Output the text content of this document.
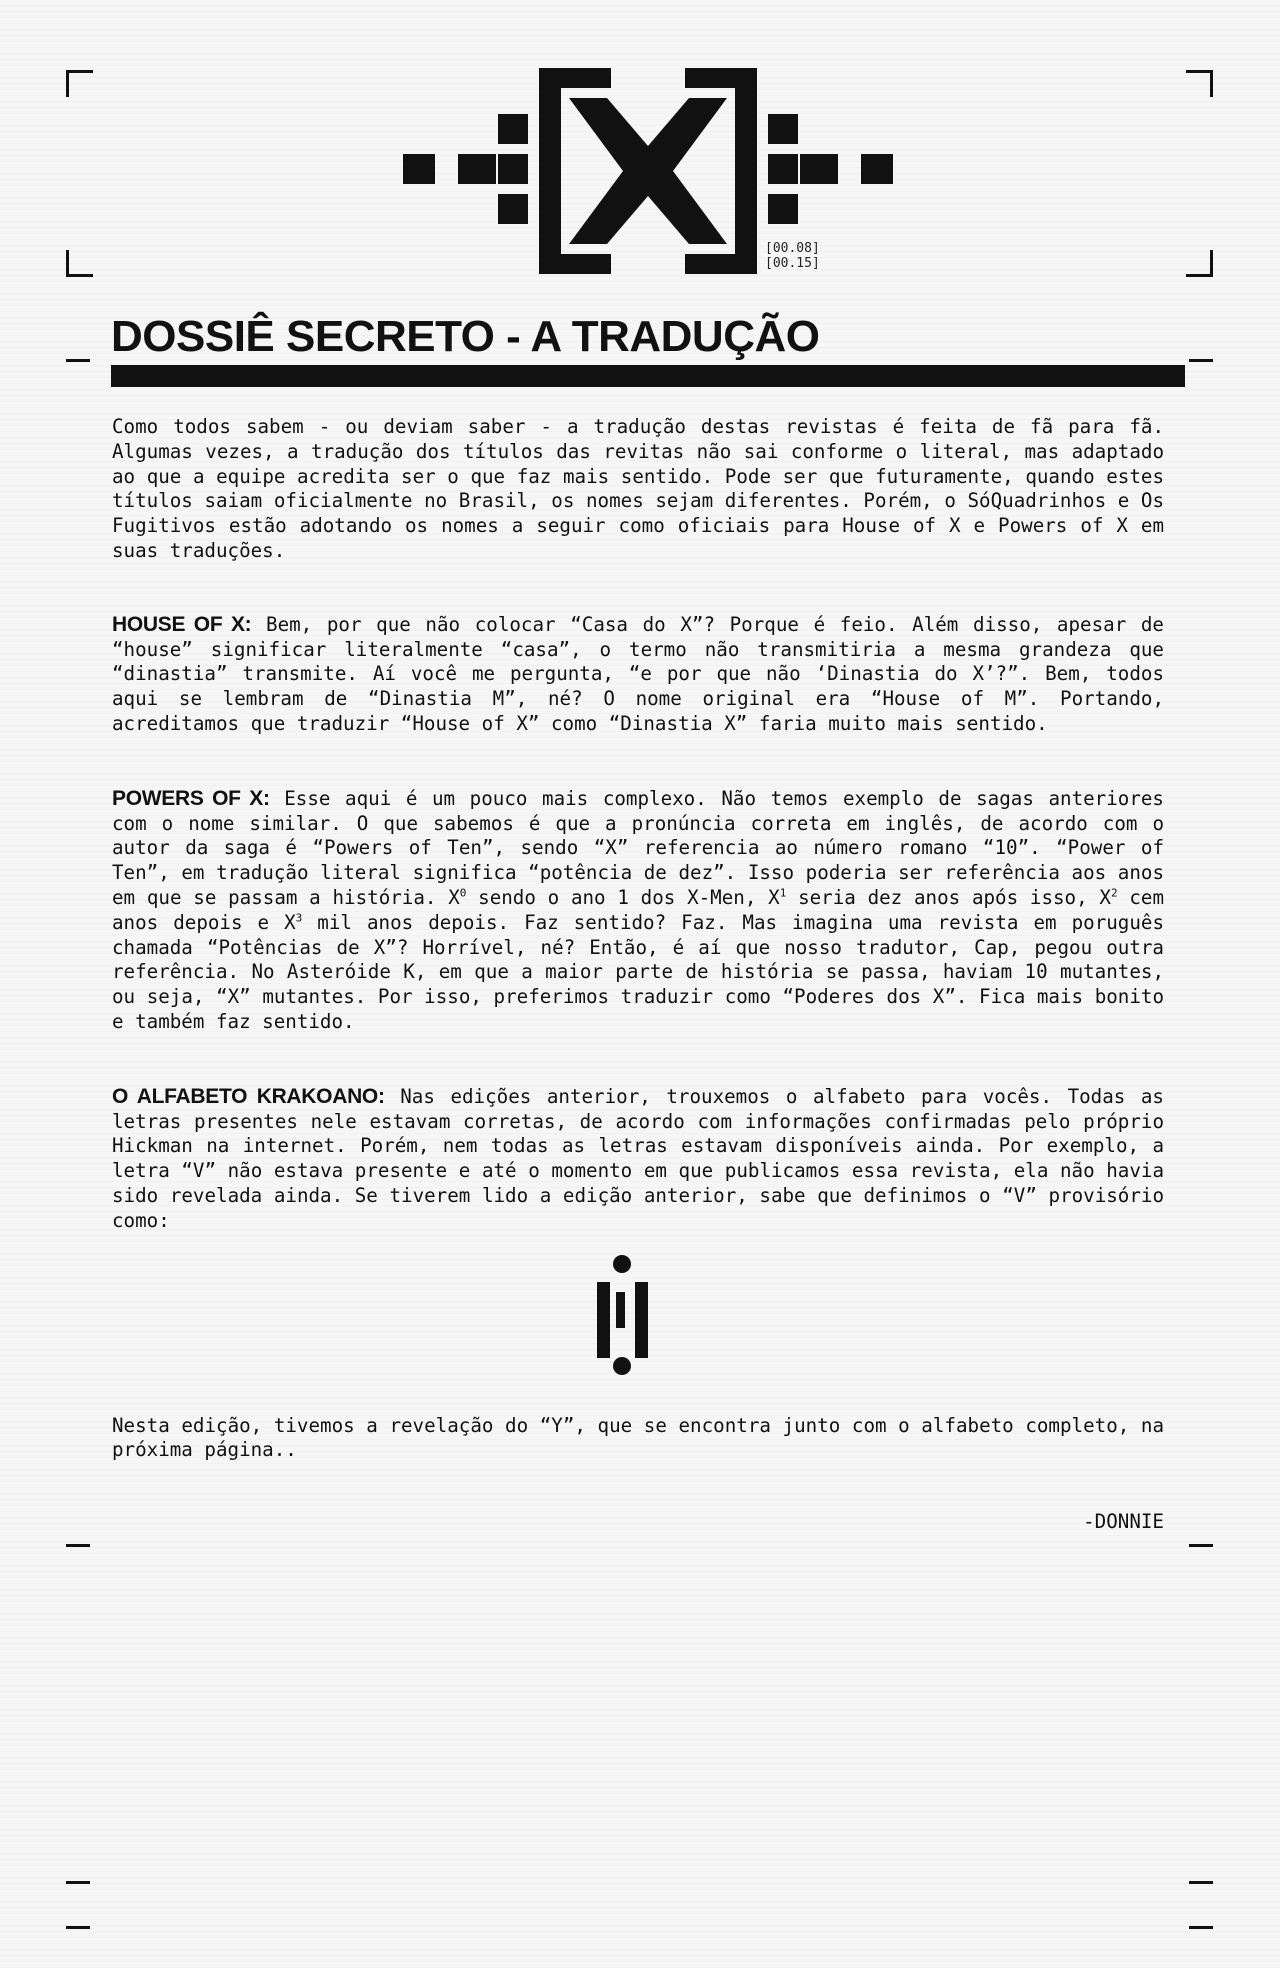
[00.08]
[00.15]
DOSSIÊ SECRETO - A TRADUÇÃO

Como todos sabem - ou deviam saber - a tradução destas revistas é feita de fã para fã. Algumas vezes, a tradução dos títulos das revitas não sai conforme o literal, mas adaptado ao que a equipe acredita ser o que faz mais sentido. Pode ser que futuramente, quando estes títulos saiam oficialmente no Brasil, os nomes sejam diferentes. Porém, o SóQuadrinhos e Os Fugitivos estão adotando os nomes a seguir como oficiais para House of X e Powers of X em suas traduções.

HOUSE OF X: Bem, por que não colocar “Casa do X”? Porque é feio. Além disso, apesar de “house” significar literalmente “casa”, o termo não transmitiria a mesma grandeza que “dinastia” transmite. Aí você me pergunta, “e por que não ‘Dinastia do X’?”. Bem, todos aqui se lembram de “Dinastia M”, né? O nome original era “House of M”. Portando, acreditamos que traduzir “House of X” como “Dinastia X” faria muito mais sentido.

POWERS OF X: Esse aqui é um pouco mais complexo. Não temos exemplo de sagas anteriores com o nome similar. O que sabemos é que a pronúncia correta em inglês, de acordo com o autor da saga é “Powers of Ten”, sendo “X” referencia ao número romano “10”. “Power of Ten”, em tradução literal significa “potência de dez”. Isso poderia ser referência aos anos em que se passam a história. $X^0$ sendo o ano 1 dos X-Men, $X^1$ seria dez anos após isso, $X^2$ cem anos depois e $X^3$ mil anos depois. Faz sentido? Faz. Mas imagina uma revista em poruguês chamada “Potências de X”? Horrível, né? Então, é aí que nosso tradutor, Cap, pegou outra referência. No Asteróide K, em que a maior parte de história se passa, haviam 10 mutantes, ou seja, “X” mutantes. Por isso, preferimos traduzir como “Poderes dos X”. Fica mais bonito e também faz sentido.

O ALFABETO KRAKOANO: Nas edições anterior, trouxemos o alfabeto para vocês. Todas as letras presentes nele estavam corretas, de acordo com informações confirmadas pelo próprio Hickman na internet. Porém, nem todas as letras estavam disponíveis ainda. Por exemplo, a letra “V” não estava presente e até o momento em que publicamos essa revista, ela não havia sido revelada ainda. Se tiverem lido a edição anterior, sabe que definimos o “V” provisório como:

Nesta edição, tivemos a revelação do “Y”, que se encontra junto com o alfabeto completo, na próxima página..

-DONNIE
